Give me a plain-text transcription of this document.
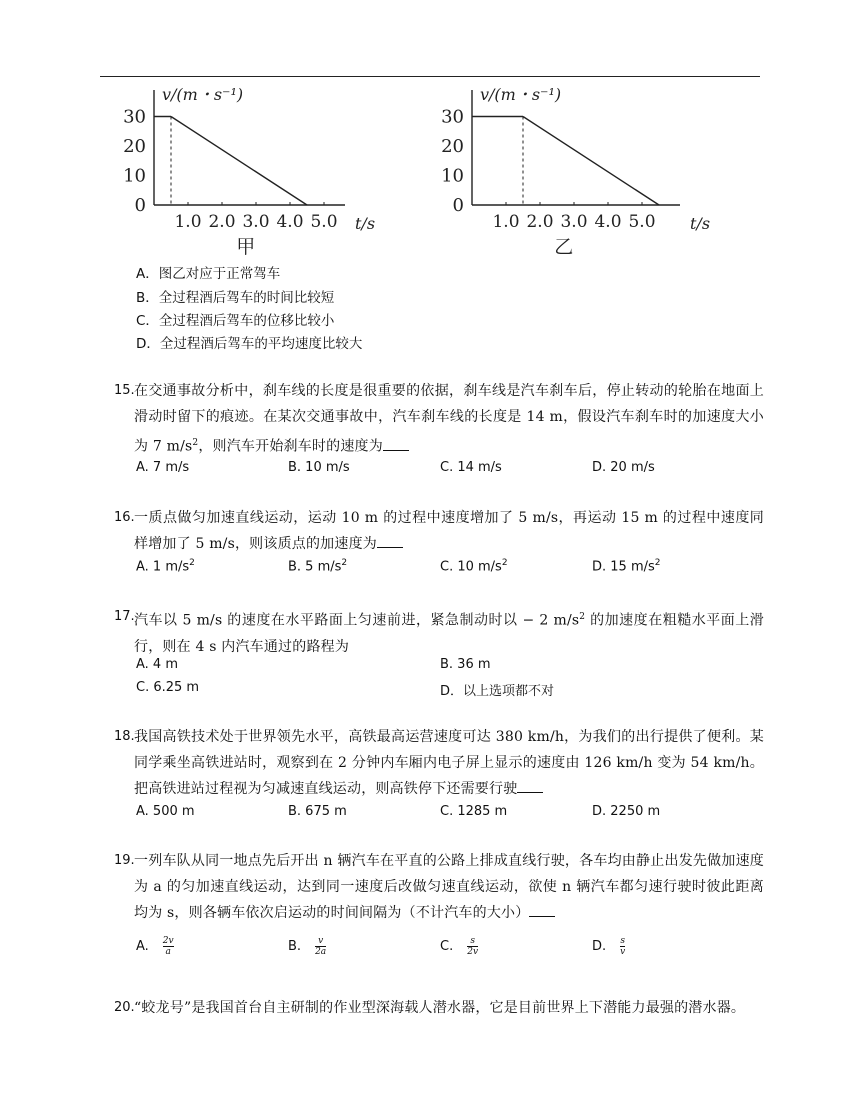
0
10
20
30
1.0 2.0 3.0 4.0 5.0
v/(m・s⁻¹)
t/s
甲
0
10
20
30
1.0 2.0 3.0 4.0 5.0
v/(m・s⁻¹)
t/s
乙
A．图乙对应于正常驾车
B．全过程酒后驾车的时间比较短
C．全过程酒后驾车的位移比较小
D．全过程酒后驾车的平均速度比较大
15. 在交通事故分析中，刹车线的长度是很重要的依据，刹车线是汽车刹车后，停止转动的轮胎在地面上滑动时留下的痕迹。在某次交通事故中，汽车刹车线的长度是 14 m，假设汽车刹车时的加速度大小为 7 $m/s^2$，则汽车开始刹车时的速度为
A. 7 m/s	B. 10 m/s	C. 14 m/s	D. 20 m/s
16. 一质点做匀加速直线运动，运动 10 m 的过程中速度增加了 5 m/s，再运动 15 m 的过程中速度同样增加了 5 m/s，则该质点的加速度为
A. 1 $m/s^2$	B. 5 $m/s^2$	C. 10 $m/s^2$	D. 15 $m/s^2$
17. 汽车以 5 m/s 的速度在水平路面上匀速前进，紧急制动时以 − 2 $m/s^2$ 的加速度在粗糙水平面上滑行，则在 4 s 内汽车通过的路程为
A. 4 m	B. 36 m
C. 6.25 m	D．以上选项都不对
18. 我国高铁技术处于世界领先水平，高铁最高运营速度可达 380 km/h，为我们的出行提供了便利。某同学乘坐高铁进站时，观察到在 2 分钟内车厢内电子屏上显示的速度由 126 km/h 变为 54 km/h。把高铁进站过程视为匀减速直线运动，则高铁停下还需要行驶
A. 500 m	B. 675 m	C. 1285 m	D. 2250 m
19. 一列车队从同一地点先后开出 n 辆汽车在平直的公路上排成直线行驶，各车均由静止出发先做加速度为 a 的匀加速直线运动，达到同一速度后改做匀速直线运动，欲使 n 辆汽车都匀速行驶时彼此距离均为 s，则各辆车依次启运动的时间间隔为（不计汽车的大小）
A. $\frac{2v}{a}$	B. $\frac{v}{2a}$	C. $\frac{s}{2v}$	D. $\frac{s}{v}$
20. “蛟龙号”是我国首台自主研制的作业型深海载人潜水器，它是目前世界上下潜能力最强的潜水器。
